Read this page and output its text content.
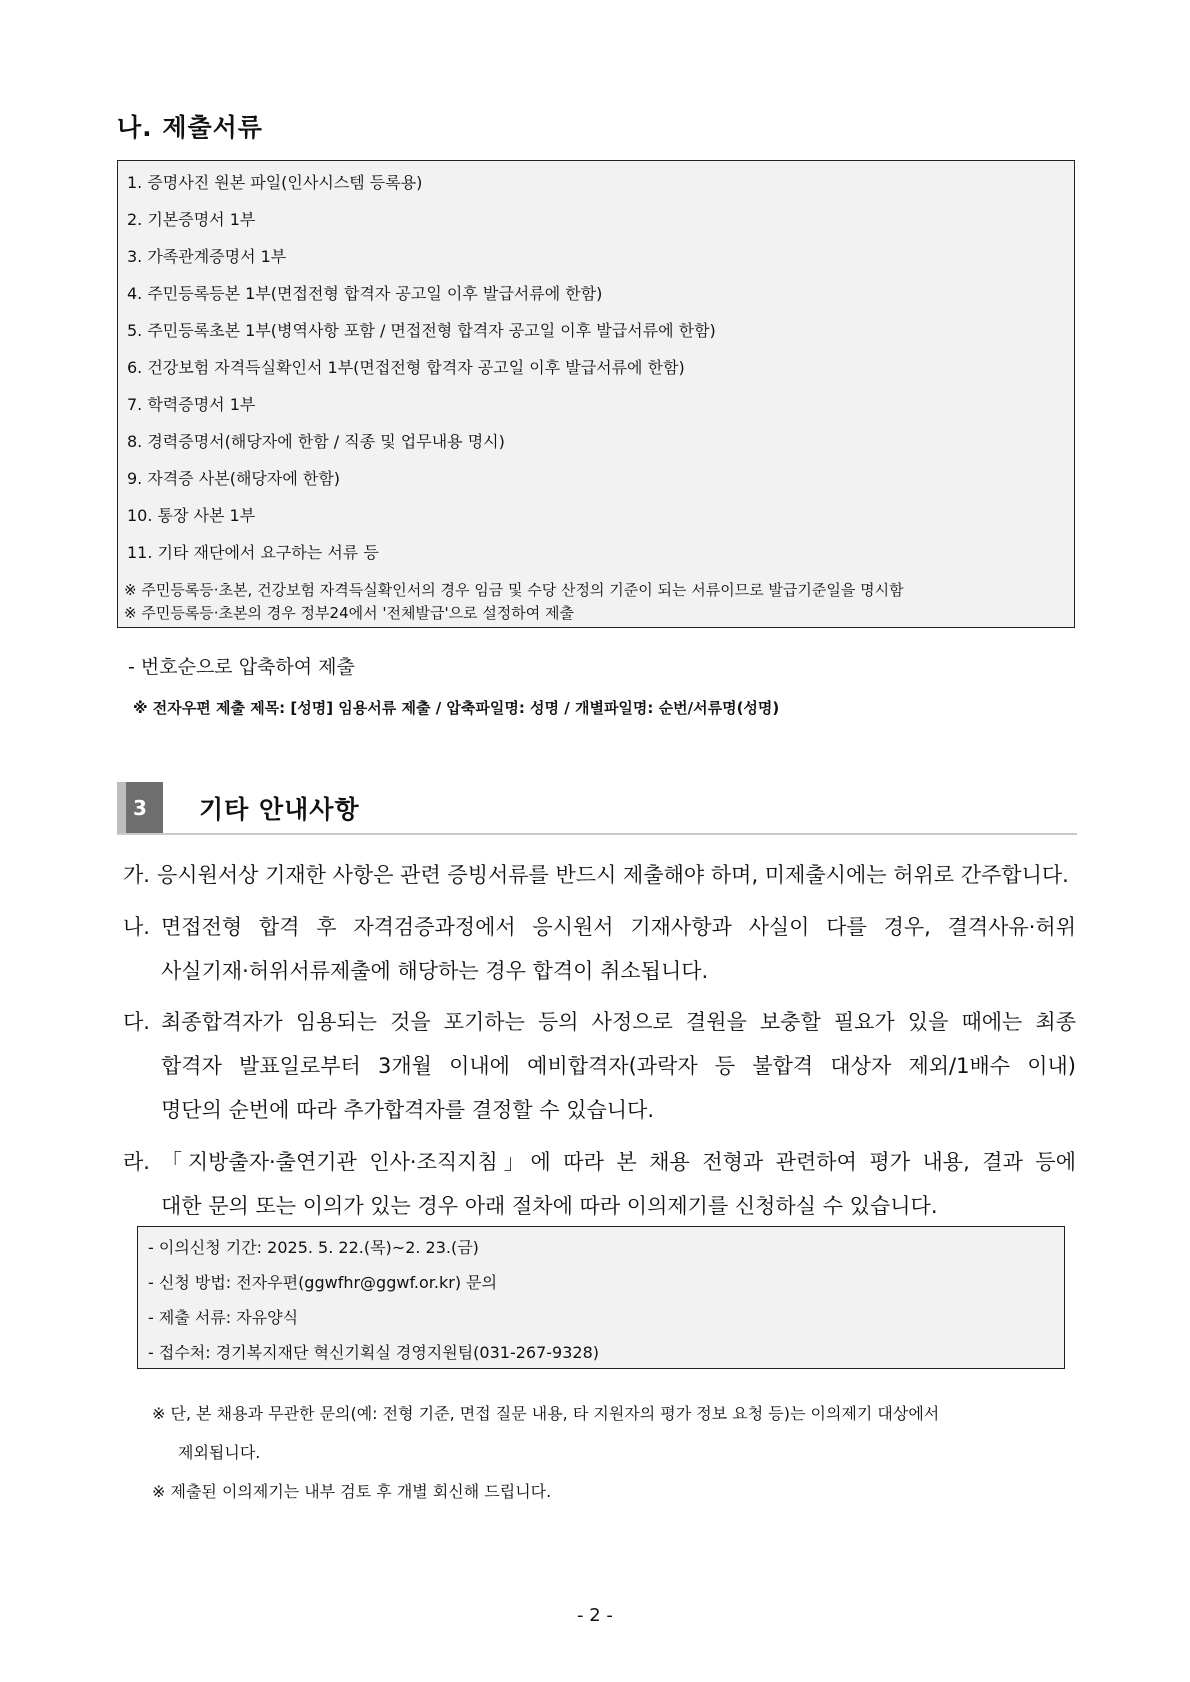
나. 제출서류
1. 증명사진 원본 파일(인사시스템 등록용)
2. 기본증명서 1부
3. 가족관계증명서 1부
4. 주민등록등본 1부(면접전형 합격자 공고일 이후 발급서류에 한함)
5. 주민등록초본 1부(병역사항 포함 / 면접전형 합격자 공고일 이후 발급서류에 한함)
6. 건강보험 자격득실확인서 1부(면접전형 합격자 공고일 이후 발급서류에 한함)
7. 학력증명서 1부
8. 경력증명서(해당자에 한함 / 직종 및 업무내용 명시)
9. 자격증 사본(해당자에 한함)
10. 통장 사본 1부
11. 기타 재단에서 요구하는 서류 등
※ 주민등록등·초본, 건강보험 자격득실확인서의 경우 임금 및 수당 산정의 기준이 되는 서류이므로 발급기준일을 명시함
※ 주민등록등·초본의 경우 정부24에서 '전체발급'으로 설정하여 제출
- 번호순으로 압축하여 제출
※ 전자우편 제출 제목: [성명] 임용서류 제출 / 압축파일명: 성명 / 개별파일명: 순번/서류명(성명)
3 기타 안내사항
가. 응시원서상 기재한 사항은 관련 증빙서류를 반드시 제출해야 하며, 미제출시에는 허위로 간주합니다.
나. 면접전형 합격 후 자격검증과정에서 응시원서 기재사항과 사실이 다를 경우, 결격사유·허위
사실기재·허위서류제출에 해당하는 경우 합격이 취소됩니다.
다. 최종합격자가 임용되는 것을 포기하는 등의 사정으로 결원을 보충할 필요가 있을 때에는 최종
합격자 발표일로부터 3개월 이내에 예비합격자(과락자 등 불합격 대상자 제외/1배수 이내)
명단의 순번에 따라 추가합격자를 결정할 수 있습니다.
라. 「지방출자·출연기관 인사·조직지침」에 따라 본 채용 전형과 관련하여 평가 내용, 결과 등에
대한 문의 또는 이의가 있는 경우 아래 절차에 따라 이의제기를 신청하실 수 있습니다.
- 이의신청 기간: 2025. 5. 22.(목)~2. 23.(금)
- 신청 방법: 전자우편(ggwfhr@ggwf.or.kr) 문의
- 제출 서류: 자유양식
- 접수처: 경기복지재단 혁신기획실 경영지원팀(031-267-9328)
※ 단, 본 채용과 무관한 문의(예: 전형 기준, 면접 질문 내용, 타 지원자의 평가 정보 요청 등)는 이의제기 대상에서
제외됩니다.
※ 제출된 이의제기는 내부 검토 후 개별 회신해 드립니다.
- 2 -
